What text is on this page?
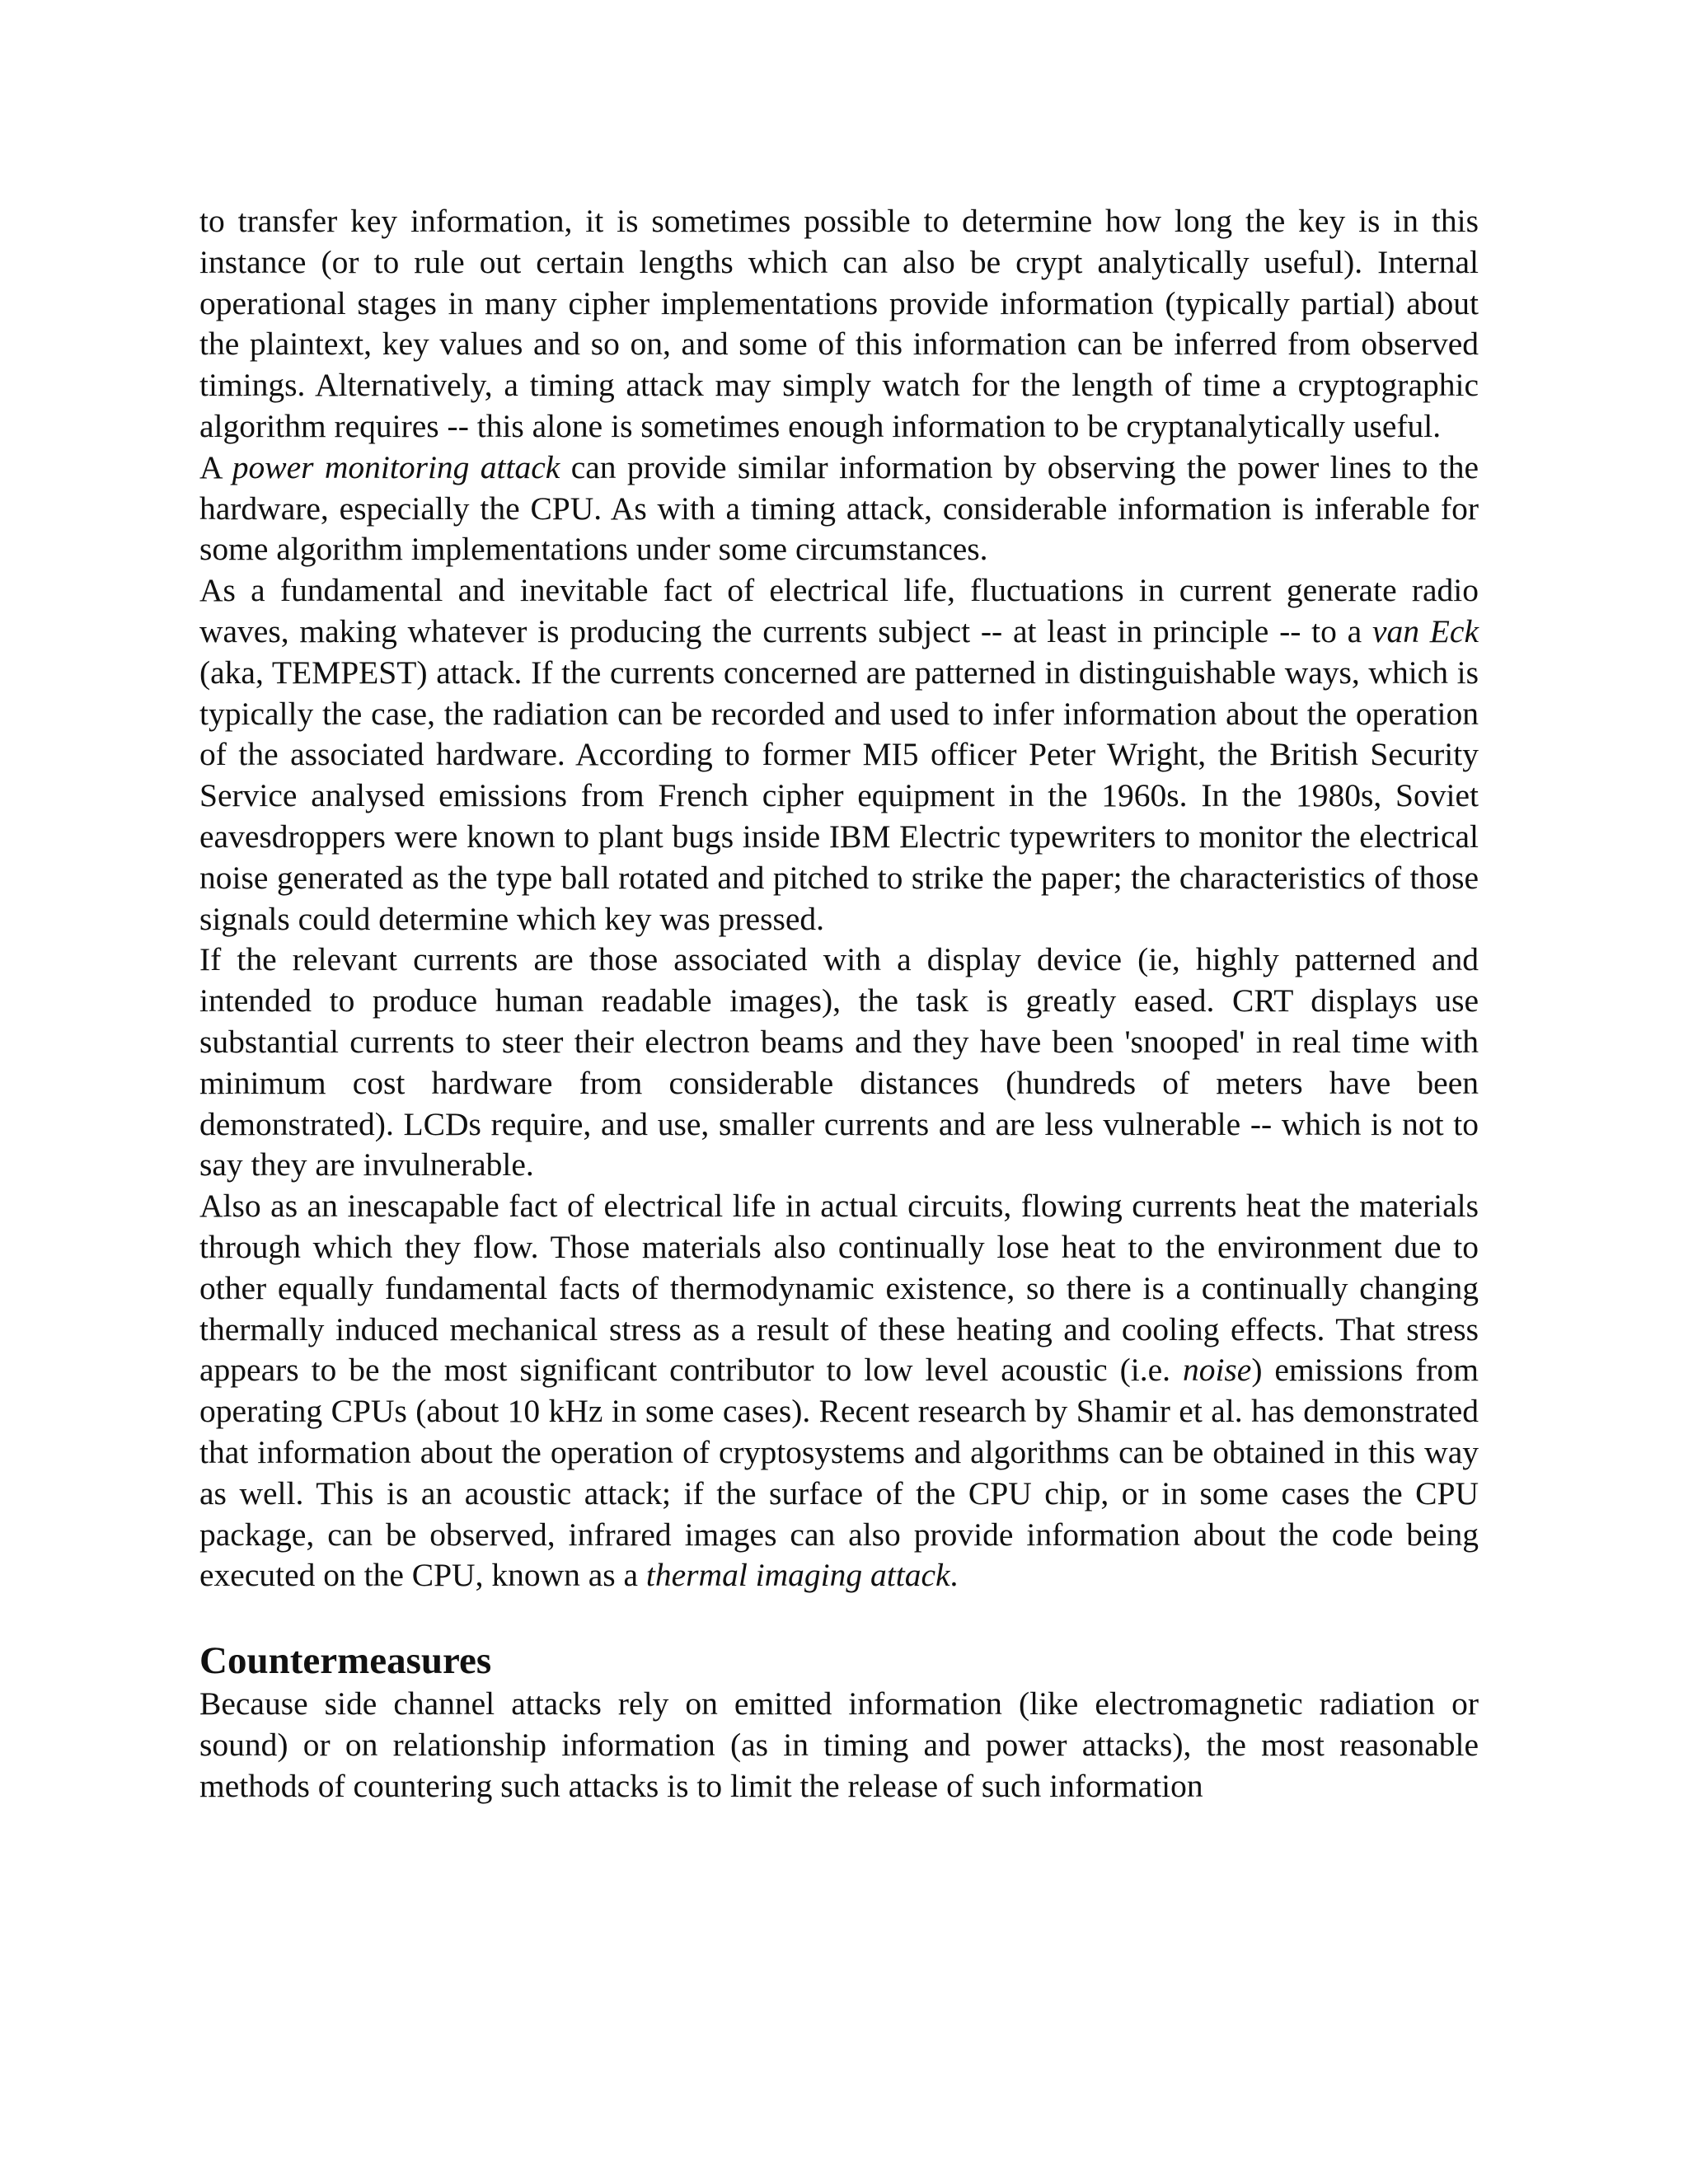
to transfer key information, it is sometimes possible to determine how long the key is in this instance (or to rule out certain lengths which can also be crypt analytically useful). Internal operational stages in many cipher implementations provide information (typically partial) about the plaintext, key values and so on, and some of this information can be inferred from observed timings. Alternatively, a timing attack may simply watch for the length of time a cryptographic algorithm requires -- this alone is sometimes enough information to be cryptanalytically useful.

A power monitoring attack can provide similar information by observing the power lines to the hardware, especially the CPU. As with a timing attack, considerable information is inferable for some algorithm implementations under some circumstances.

As a fundamental and inevitable fact of electrical life, fluctuations in current generate radio waves, making whatever is producing the currents subject -- at least in principle -- to a van Eck (aka, TEMPEST) attack. If the currents concerned are patterned in distinguishable ways, which is typically the case, the radiation can be recorded and used to infer information about the operation of the associated hardware. According to former MI5 officer Peter Wright, the British Security Service analysed emissions from French cipher equipment in the 1960s. In the 1980s, Soviet eavesdroppers were known to plant bugs inside IBM Electric typewriters to monitor the electrical noise generated as the type ball rotated and pitched to strike the paper; the characteristics of those signals could determine which key was pressed.

If the relevant currents are those associated with a display device (ie, highly patterned and intended to produce human readable images), the task is greatly eased. CRT displays use substantial currents to steer their electron beams and they have been 'snooped' in real time with minimum cost hardware from considerable distances (hundreds of meters have been demonstrated). LCDs require, and use, smaller currents and are less vulnerable -- which is not to say they are invulnerable.

Also as an inescapable fact of electrical life in actual circuits, flowing currents heat the materials through which they flow. Those materials also continually lose heat to the environment due to other equally fundamental facts of thermodynamic existence, so there is a continually changing thermally induced mechanical stress as a result of these heating and cooling effects. That stress appears to be the most significant contributor to low level acoustic (i.e. noise) emissions from operating CPUs (about 10 kHz in some cases). Recent research by Shamir et al. has demonstrated that information about the operation of cryptosystems and algorithms can be obtained in this way as well. This is an acoustic attack; if the surface of the CPU chip, or in some cases the CPU package, can be observed, infrared images can also provide information about the code being executed on the CPU, known as a thermal imaging attack.

Countermeasures

Because side channel attacks rely on emitted information (like electromagnetic radiation or sound) or on relationship information (as in timing and power attacks), the most reasonable methods of countering such attacks is to limit the release of such information
